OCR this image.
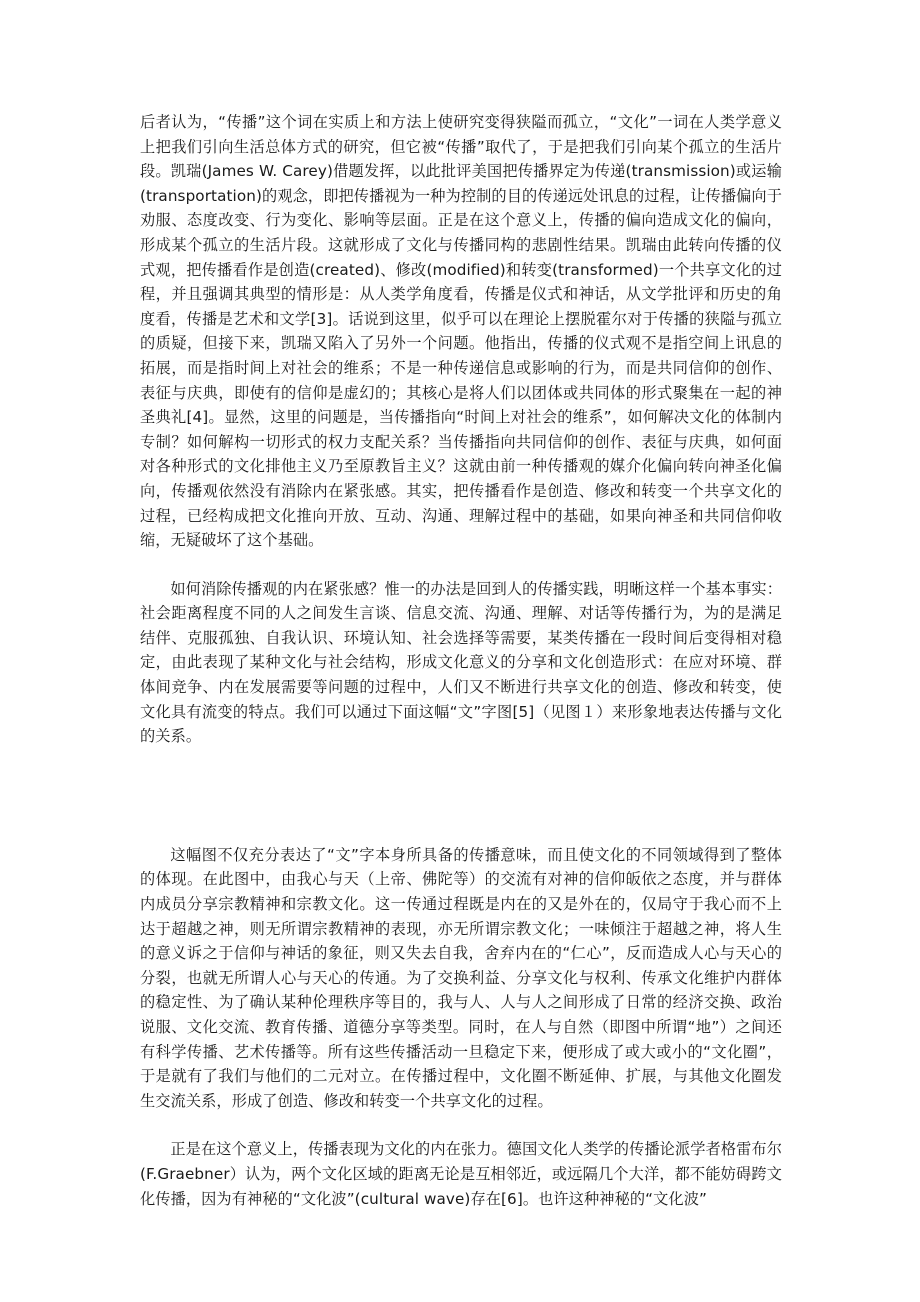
后者认为，“传播”这个词在实质上和方法上使研究变得狭隘而孤立，“文化”一词在人类学意义上把我们引向生活总体方式的研究，但它被“传播”取代了，于是把我们引向某个孤立的生活片段。凯瑞(James W. Carey)借题发挥，以此批评美国把传播界定为传递(transmission)或运输(transportation)的观念，即把传播视为一种为控制的目的传递远处讯息的过程，让传播偏向于劝服、态度改变、行为变化、影响等层面。正是在这个意义上，传播的偏向造成文化的偏向，形成某个孤立的生活片段。这就形成了文化与传播同构的悲剧性结果。凯瑞由此转向传播的仪式观，把传播看作是创造(created)、修改(modified)和转变(transformed)一个共享文化的过程，并且强调其典型的情形是：从人类学角度看，传播是仪式和神话，从文学批评和历史的角度看，传播是艺术和文学[3]。话说到这里，似乎可以在理论上摆脱霍尔对于传播的狭隘与孤立的质疑，但接下来，凯瑞又陷入了另外一个问题。他指出，传播的仪式观不是指空间上讯息的拓展，而是指时间上对社会的维系；不是一种传递信息或影响的行为，而是共同信仰的创作、表征与庆典，即使有的信仰是虚幻的；其核心是将人们以团体或共同体的形式聚集在一起的神圣典礼[4]。显然，这里的问题是，当传播指向“时间上对社会的维系”，如何解决文化的体制内专制？如何解构一切形式的权力支配关系？当传播指向共同信仰的创作、表征与庆典，如何面对各种形式的文化排他主义乃至原教旨主义？这就由前一种传播观的媒介化偏向转向神圣化偏向，传播观依然没有消除内在紧张感。其实，把传播看作是创造、修改和转变一个共享文化的过程，已经构成把文化推向开放、互动、沟通、理解过程中的基础，如果向神圣和共同信仰收缩，无疑破坏了这个基础。

如何消除传播观的内在紧张感？惟一的办法是回到人的传播实践，明晰这样一个基本事实：社会距离程度不同的人之间发生言谈、信息交流、沟通、理解、对话等传播行为，为的是满足结伴、克服孤独、自我认识、环境认知、社会选择等需要，某类传播在一段时间后变得相对稳定，由此表现了某种文化与社会结构，形成文化意义的分享和文化创造形式：在应对环境、群体间竞争、内在发展需要等问题的过程中，人们又不断进行共享文化的创造、修改和转变，使文化具有流变的特点。我们可以通过下面这幅“文”字图[5]（见图１）来形象地表达传播与文化的关系。

这幅图不仅充分表达了“文”字本身所具备的传播意味，而且使文化的不同领域得到了整体的体现。在此图中，由我心与天（上帝、佛陀等）的交流有对神的信仰皈依之态度，并与群体内成员分享宗教精神和宗教文化。这一传通过程既是内在的又是外在的，仅局守于我心而不上达于超越之神，则无所谓宗教精神的表现，亦无所谓宗教文化；一味倾注于超越之神，将人生的意义诉之于信仰与神话的象征，则又失去自我，舍弃内在的“仁心”，反而造成人心与天心的分裂，也就无所谓人心与天心的传通。为了交换利益、分享文化与权利、传承文化维护内群体的稳定性、为了确认某种伦理秩序等目的，我与人、人与人之间形成了日常的经济交换、政治说服、文化交流、教育传播、道德分享等类型。同时，在人与自然（即图中所谓“地”）之间还有科学传播、艺术传播等。所有这些传播活动一旦稳定下来，便形成了或大或小的“文化圈”，于是就有了我们与他们的二元对立。在传播过程中，文化圈不断延伸、扩展，与其他文化圈发生交流关系，形成了创造、修改和转变一个共享文化的过程。

正是在这个意义上，传播表现为文化的内在张力。德国文化人类学的传播论派学者格雷布尔(F.Graebner）认为，两个文化区域的距离无论是互相邻近，或远隔几个大洋，都不能妨碍跨文化传播，因为有神秘的“文化波”(cultural wave)存在[6]。也许这种神秘的“文化波”
